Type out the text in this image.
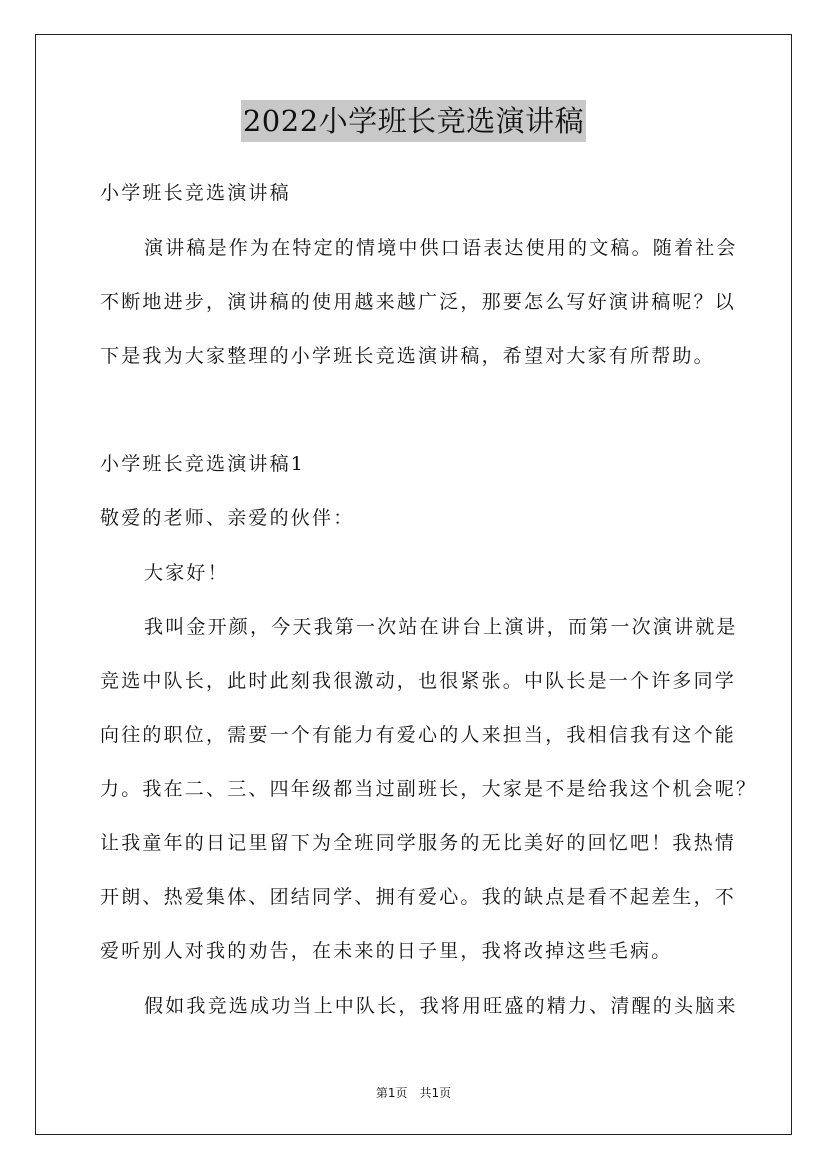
2022小学班长竞选演讲稿
小学班长竞选演讲稿
演讲稿是作为在特定的情境中供口语表达使用的文稿。随着社会
不断地进步，演讲稿的使用越来越广泛，那要怎么写好演讲稿呢？以
下是我为大家整理的小学班长竞选演讲稿，希望对大家有所帮助。
小学班长竞选演讲稿1
敬爱的老师、亲爱的伙伴：
大家好！
我叫金开颜，今天我第一次站在讲台上演讲，而第一次演讲就是
竞选中队长，此时此刻我很激动，也很紧张。中队长是一个许多同学
向往的职位，需要一个有能力有爱心的人来担当，我相信我有这个能
力。我在二、三、四年级都当过副班长，大家是不是给我这个机会呢？
让我童年的日记里留下为全班同学服务的无比美好的回忆吧！我热情
开朗、热爱集体、团结同学、拥有爱心。我的缺点是看不起差生，不
爱听别人对我的劝告，在未来的日子里，我将改掉这些毛病。
假如我竞选成功当上中队长，我将用旺盛的精力、清醒的头脑来
第1页　共1页
